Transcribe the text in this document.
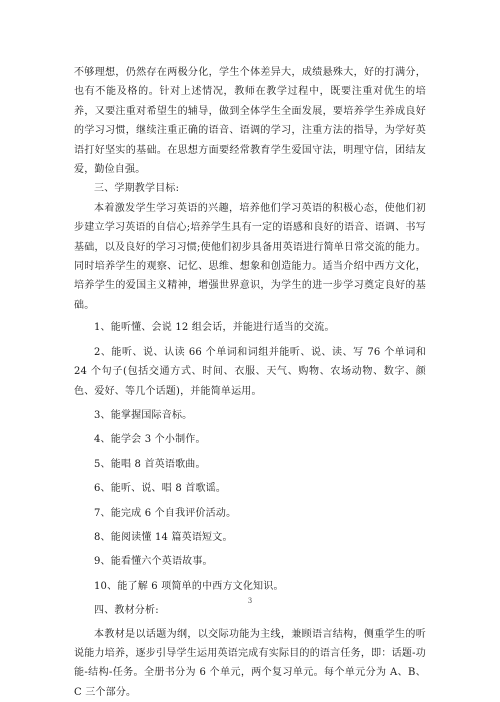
不够理想，仍然存在两极分化，学生个体差异大，成绩悬殊大，好的打满分，也有不能及格的。针对上述情况，教师在教学过程中，既要注重对优生的培养，又要注重对希望生的辅导，做到全体学生全面发展，要培养学生养成良好的学习习惯，继续注重正确的语音、语调的学习，注重方法的指导，为学好英语打好坚实的基础。在思想方面要经常教育学生爱国守法，明理守信，团结友爱，勤俭自强。

三、学期教学目标:

本着激发学生学习英语的兴趣，培养他们学习英语的积极心态，使他们初步建立学习英语的自信心;培养学生具有一定的语感和良好的语音、语调、书写基础，以及良好的学习习惯;使他们初步具备用英语进行简单日常交流的能力。同时培养学生的观察、记忆、思维、想象和创造能力。适当介绍中西方文化，培养学生的爱国主义精神，增强世界意识，为学生的进一步学习奠定良好的基础。

1、能听懂、会说 12 组会话，并能进行适当的交流。

2、能听、说、认读 66 个单词和词组并能听、说、读、写 76 个单词和 24 个句子(包括交通方式、时间、衣服、天气、购物、农场动物、数字、颜色、爱好、等几个话题)，并能简单运用。

3、能掌握国际音标。

4、能学会 3 个小制作。

5、能唱 8 首英语歌曲。

6、能听、说、唱 8 首歌谣。

7、能完成 6 个自我评价活动。

8、能阅读懂 14 篇英语短文。

9、能看懂六个英语故事。

10、能了解 6 项简单的中西方文化知识。

四、教材分析:

本教材是以话题为纲，以交际功能为主线，兼顾语言结构，侧重学生的听说能力培养，逐步引导学生运用英语完成有实际目的的语言任务，即：话题-功能-结构-任务。全册书分为 6 个单元，两个复习单元。每个单元分为 A、B、C 三个部分。

3
